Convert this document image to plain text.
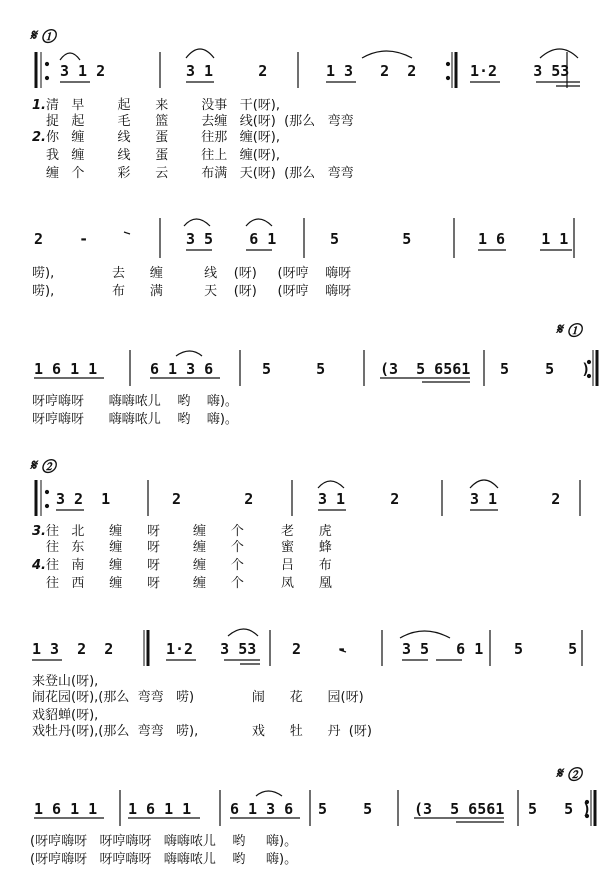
𝄋 ①
𝄋 ①
𝄋 ②
𝄋 ②
3 1 2	3 1     2	1 3   2  2	1·2    3 53
1.清   早        起      来        没事   干(呀),
捉   起        毛      篮        去缠   线(呀)  (那么   弯弯
2.你   缠        线      蛋        往那   缠(呀),
我   缠        线      蛋        往上   缠(呀),
缠   个        彩      云        布满   天(呀)  (那么   弯弯
2    -	3 5    6 1	5       5	1 6    1 1
唠),              去      缠          线    (呀)     (呀哼    嗨呀
唠),              布      满          天    (呀)     (呀哼    嗨呀
1 6 1 1	6 1 3 6	5     5	(3  5 6561 5    5   )
呀哼嗨呀      嗨嗨哝儿    哟    嗨)。
呀哼嗨呀      嗨嗨哝儿    哟    嗨)。
3 2  1	2       2	3 1     2	3 1      2
3.往   北      缠      呀        缠      个         老      虎
往   东      缠      呀        缠      个         蜜      蜂
4.往   南      缠      呀        缠      个         吕      布
往   西      缠      呀        缠      个         凤      凰
1 3  2  2	1·2   3 53 2    -	3 5   6 1 5     5
来登山(呀),
闹花园(呀),(那么  弯弯   唠)              闹      花      园(呀)
戏貂蝉(呀),
戏牡丹(呀),(那么  弯弯   唠),             戏      牡      丹  (呀)
1 6 1 1 1 6 1 1	6 1 3 6 5    5	(3  5 6561 5   5 )
(呀哼嗨呀   呀哼嗨呀   嗨嗨哝儿    哟     嗨)。
(呀哼嗨呀   呀哼嗨呀   嗨嗨哝儿    哟     嗨)。
